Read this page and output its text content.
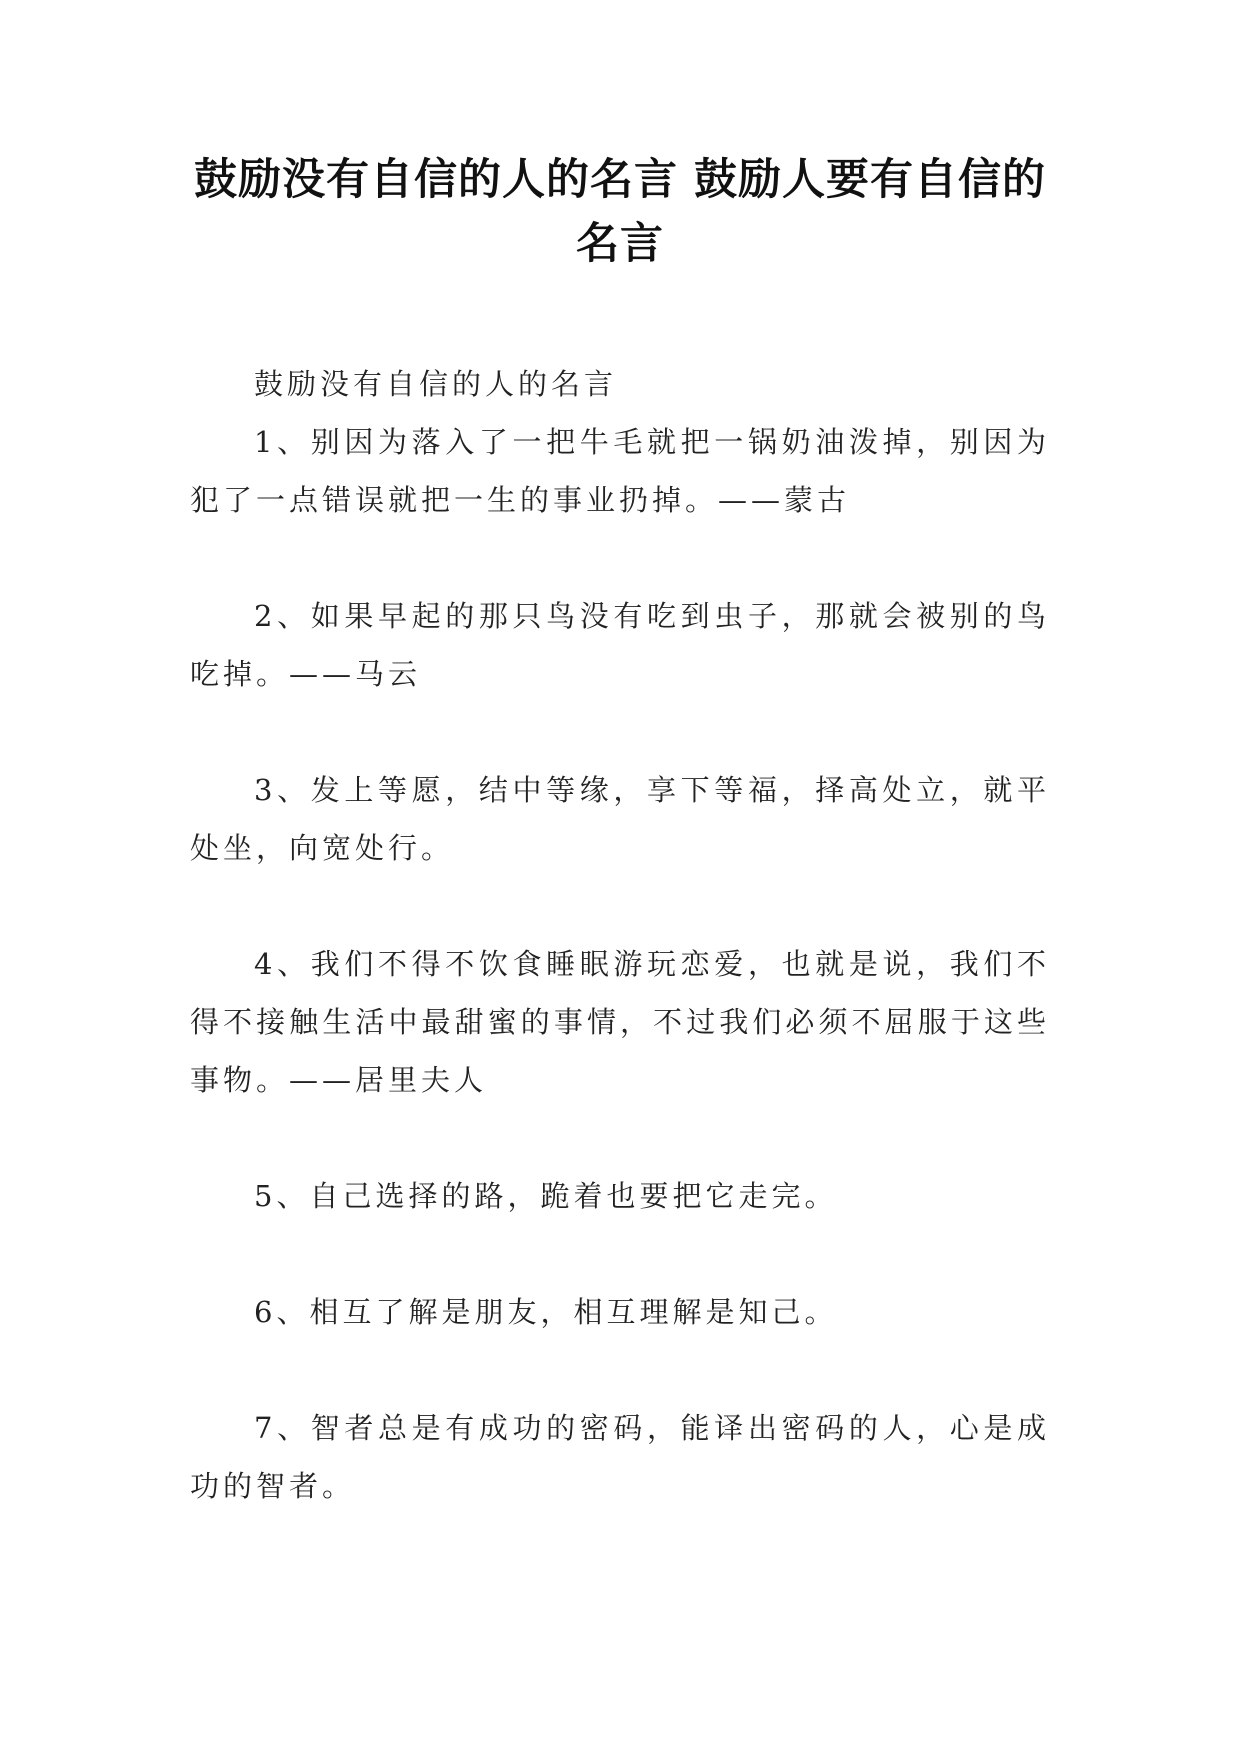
鼓励没有自信的人的名言 鼓励人要有自信的名言
鼓励没有自信的人的名言

1、别因为落入了一把牛毛就把一锅奶油泼掉，别因为犯了一点错误就把一生的事业扔掉。——蒙古

2、如果早起的那只鸟没有吃到虫子，那就会被别的鸟吃掉。——马云

3、发上等愿，结中等缘，享下等福，择高处立，就平处坐，向宽处行。

4、我们不得不饮食睡眠游玩恋爱，也就是说，我们不得不接触生活中最甜蜜的事情，不过我们必须不屈服于这些事物。——居里夫人

5、自己选择的路，跪着也要把它走完。

6、相互了解是朋友，相互理解是知己。

7、智者总是有成功的密码，能译出密码的人，心是成功的智者。
